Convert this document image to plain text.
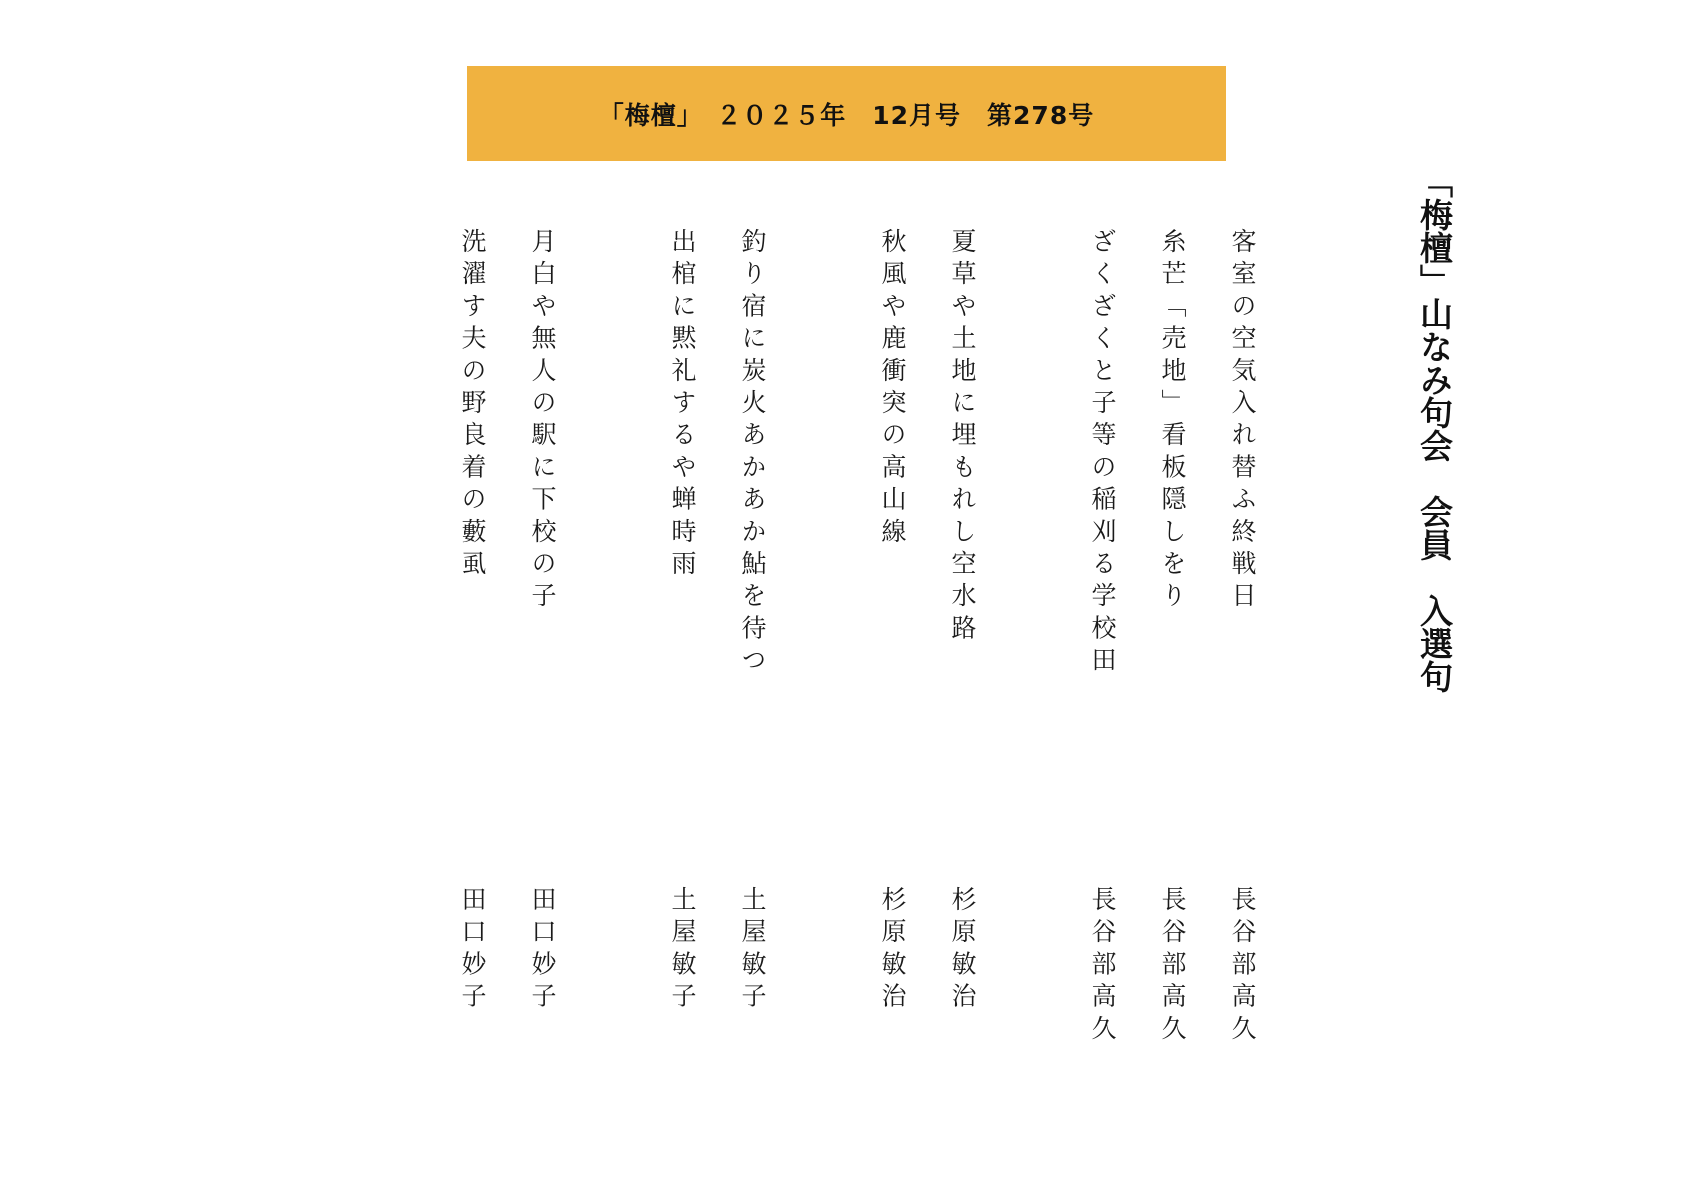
「梅檀」　２０２５年　12月号　第278号
「梅檀」山なみ句会　会員　入選句
客室の空気入れ替ふ終戦日
糸芒「売地」看板隠しをり
ざくざくと子等の稲刈る学校田
夏草や土地に埋もれし空水路
秋風や鹿衝突の高山線
釣り宿に炭火あかあか鮎を待つ
出棺に黙礼するや蝉時雨
月白や無人の駅に下校の子
洗濯す夫の野良着の藪虱
長谷部高久
長谷部高久
長谷部高久
杉原敏治
杉原敏治
土屋敏子
土屋敏子
田口妙子
田口妙子
